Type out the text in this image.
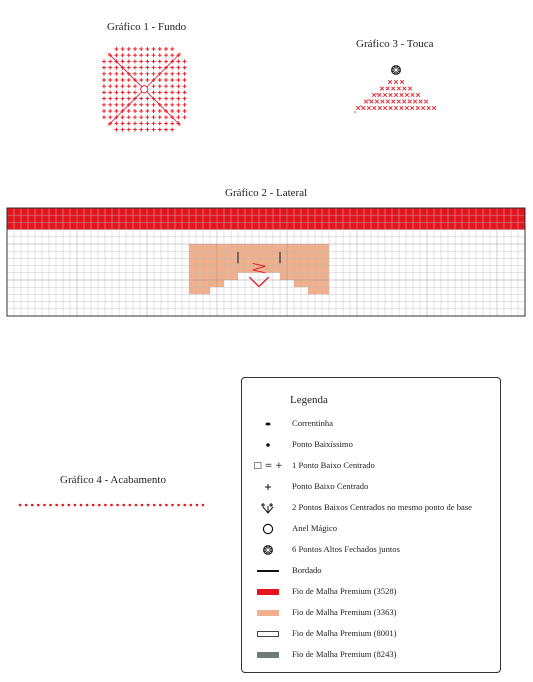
Gráfico 1 - Fundo
Gráfico 3 - Touca
Gráfico 2 - Lateral
Gráfico 4 - Acabamento
Legenda
Correntinha
Ponto Baixíssimo
□ = +	1 Ponto Baixo Centrado
Ponto Baixo Centrado
2 Pontos Baixos Centrados no mesmo ponto de base
Anel Mágico
6 Pontos Altos Fechados juntos
Bordado
Fio de Malha Premium (3528)
Fio de Malha Premium (3363)
Fio de Malha Premium (8001)
Fio de Malha Premium (8243)
